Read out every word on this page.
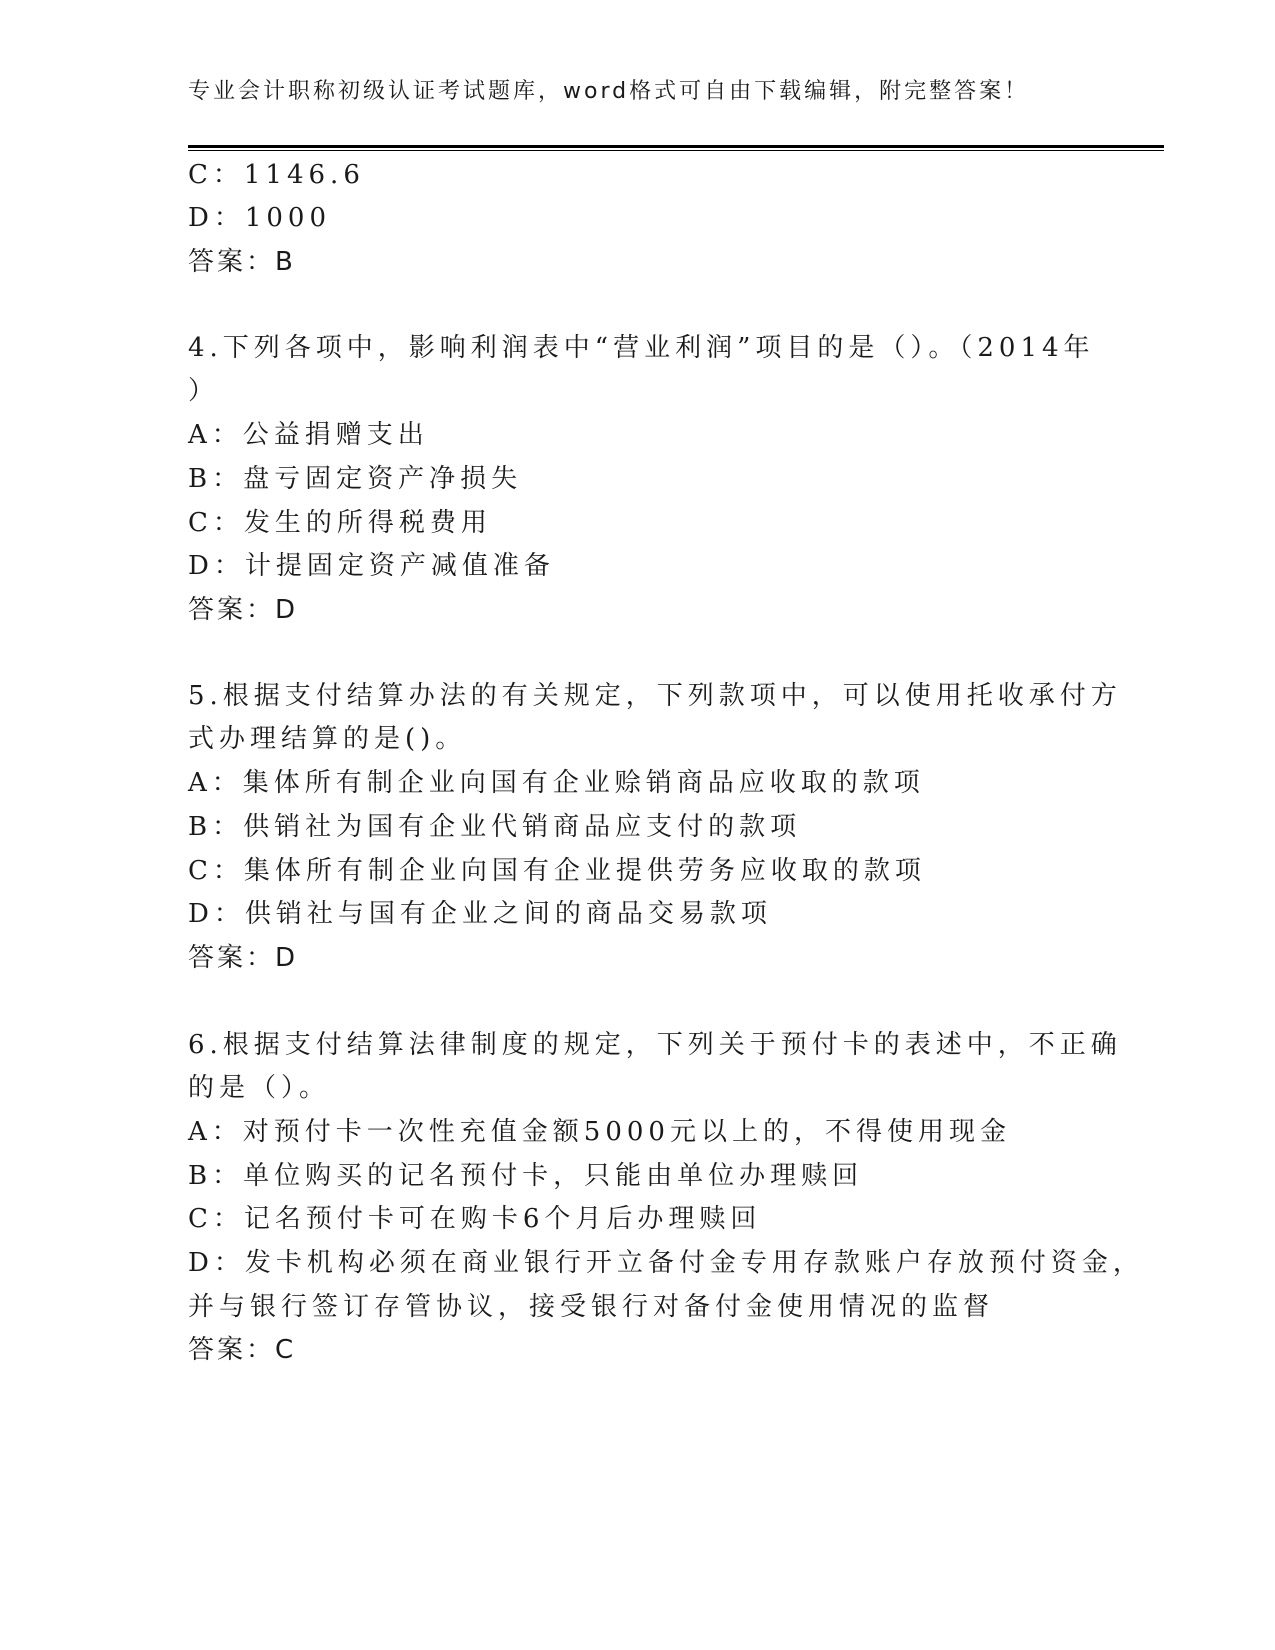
专业会计职称初级认证考试题库，word格式可自由下载编辑，附完整答案！
C：1146.6
D：1000
答案：B
4.下列各项中，影响利润表中“营业利润”项目的是（）。（2014年
）
A：公益捐赠支出
B：盘亏固定资产净损失
C：发生的所得税费用
D：计提固定资产减值准备
答案：D
5.根据支付结算办法的有关规定，下列款项中，可以使用托收承付方
式办理结算的是()。
A：集体所有制企业向国有企业赊销商品应收取的款项
B：供销社为国有企业代销商品应支付的款项
C：集体所有制企业向国有企业提供劳务应收取的款项
D：供销社与国有企业之间的商品交易款项
答案：D
6.根据支付结算法律制度的规定，下列关于预付卡的表述中，不正确
的是（）。
A：对预付卡一次性充值金额5000元以上的，不得使用现金
B：单位购买的记名预付卡，只能由单位办理赎回
C：记名预付卡可在购卡6个月后办理赎回
D：发卡机构必须在商业银行开立备付金专用存款账户存放预付资金，
并与银行签订存管协议，接受银行对备付金使用情况的监督
答案：C
